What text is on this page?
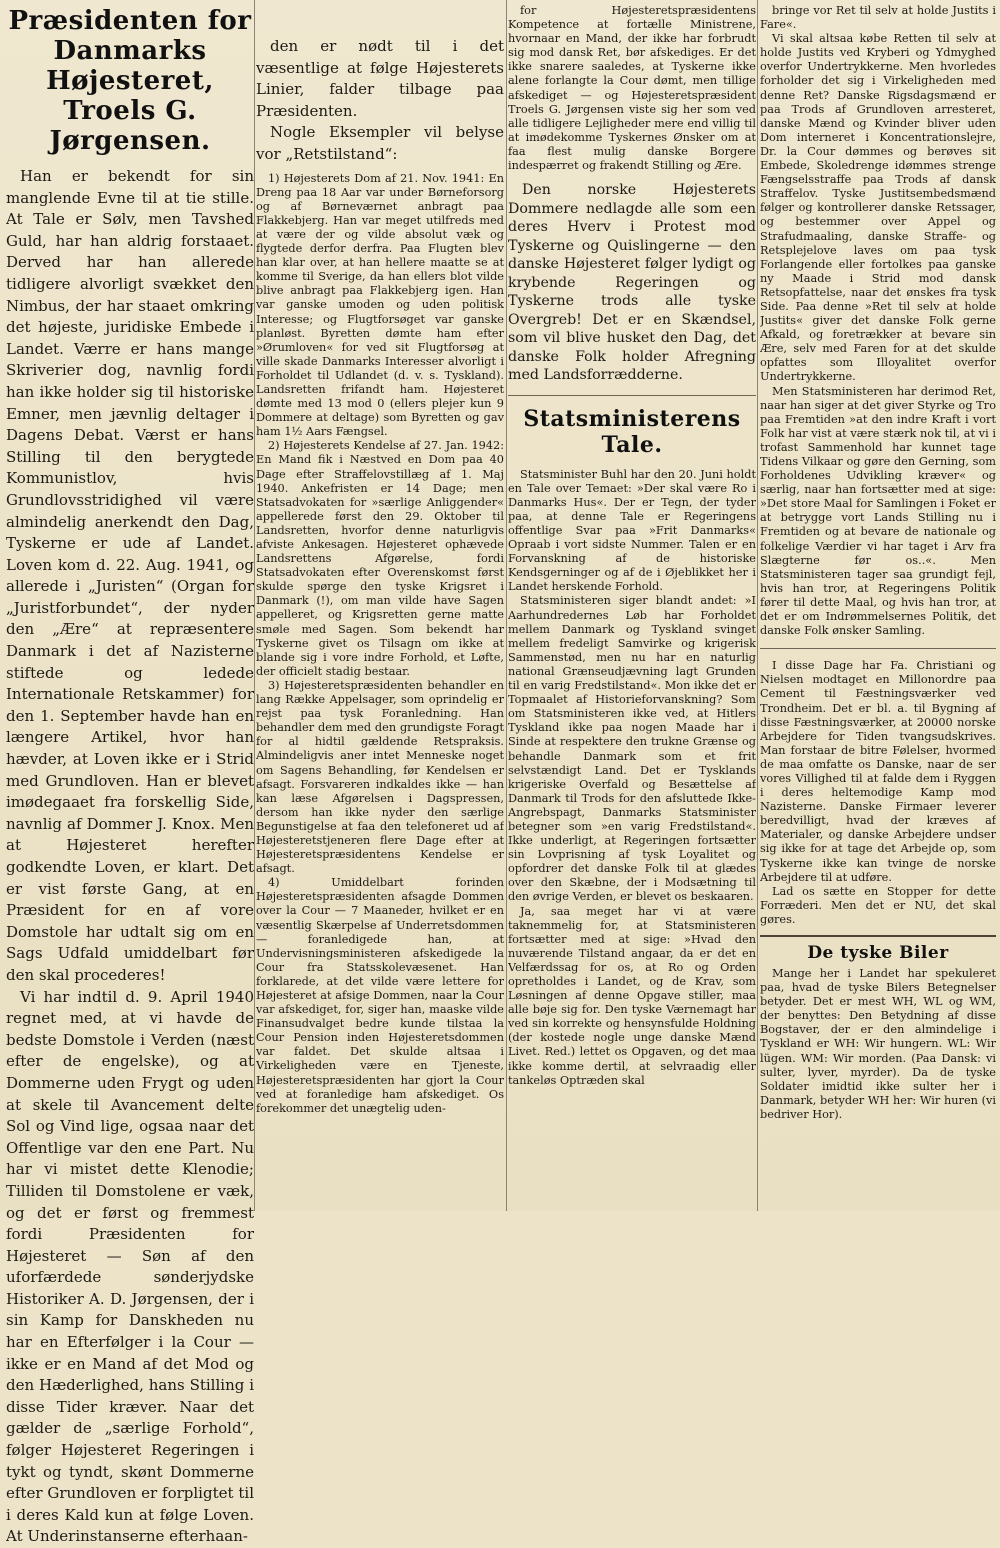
Præsidenten for Danmarks Højesteret, Troels G. Jørgensen.

Han er bekendt for sin manglende Evne til at tie stille. At Tale er Sølv, men Tavshed Guld, har han aldrig forstaaet. Derved har han allerede tidligere alvorligt svækket den Nimbus, der har staaet omkring det højeste, juridiske Embede i Landet. Værre er hans mange Skriverier dog, navnlig fordi han ikke holder sig til historiske Emner, men jævnlig deltager i Dagens Debat. Værst er hans Stilling til den berygtede Kommunistlov, hvis Grundlovsstridighed vil være almindelig anerkendt den Dag, Tyskerne er ude af Landet. Loven kom d. 22. Aug. 1941, og allerede i „Juristen“ (Organ for „Juristforbundet“, der nyder den „Ære“ at repræsentere Danmark i det af Nazisterne stiftede og ledede Internationale Retskammer) for den 1. September havde han en længere Artikel, hvor han hævder, at Loven ikke er i Strid med Grundloven. Han er blevet imødegaaet fra forskellig Side, navnlig af Dommer J. Knox. Men at Højesteret herefter godkendte Loven, er klart. Det er vist første Gang, at en Præsident for en af vore Domstole har udtalt sig om en Sags Udfald umiddelbart før den skal procederes!

Vi har indtil d. 9. April 1940 regnet med, at vi havde de bedste Domstole i Verden (næst efter de engelske), og at Dommerne uden Frygt og uden at skele til Avancement delte Sol og Vind lige, ogsaa naar det Offentlige var den ene Part. Nu har vi mistet dette Klenodie; Tilliden til Domstolene er væk, og det er først og fremmest fordi Præsidenten for Højesteret — Søn af den uforfærdede sønderjydske Historiker A. D. Jørgensen, der i sin Kamp for Danskheden nu har en Efterfølger i la Cour — ikke er en Mand af det Mod og den Hæderlighed, hans Stilling i disse Tider kræver. Naar det gælder de „særlige Forhold“, følger Højesteret Regeringen i tykt og tyndt, skønt Dommerne efter Grundloven er forpligtet til i deres Kald kun at følge Loven. At Underinstanserne efterhaan-

den er nødt til i det væsentlige at følge Højesterets Linier, falder tilbage paa Præsidenten.

Nogle Eksempler vil belyse vor „Retstilstand“:

1) Højesterets Dom af 21. Nov. 1941: En Dreng paa 18 Aar var under Børneforsorg og af Børneværnet anbragt paa Flakkebjerg. Han var meget utilfreds med at være der og vilde absolut væk og flygtede derfor derfra. Paa Flugten blev han klar over, at han hellere maatte se at komme til Sverige, da han ellers blot vilde blive anbragt paa Flakkebjerg igen. Han var ganske umoden og uden politisk Interesse; og Flugtforsøget var ganske planløst. Byretten dømte ham efter »Ørumloven« for ved sit Flugtforsøg at ville skade Danmarks Interesser alvorligt i Forholdet til Udlandet (d. v. s. Tyskland). Landsretten frifandt ham. Højesteret dømte med 13 mod 0 (ellers plejer kun 9 Dommere at deltage) som Byretten og gav ham 1½ Aars Fængsel.

2) Højesterets Kendelse af 27. Jan. 1942: En Mand fik i Næstved en Dom paa 40 Dage efter Straffelovstillæg af 1. Maj 1940. Ankefristen er 14 Dage; men Statsadvokaten for »særlige Anliggender« appellerede først den 29. Oktober til Landsretten, hvorfor denne naturligvis afviste Ankesagen. Højesteret ophævede Landsrettens Afgørelse, fordi Statsadvokaten efter Overenskomst først skulde spørge den tyske Krigsret i Danmark (!), om man vilde have Sagen appelleret, og Krigsretten gerne matte smøle med Sagen. Som bekendt har Tyskerne givet os Tilsagn om ikke at blande sig i vore indre Forhold, et Løfte, der officielt stadig bestaar.

3) Højesteretspræsidenten behandler en lang Række Appelsager, som oprindelig er rejst paa tysk Foranledning. Han behandler dem med den grundigste Foragt for al hidtil gældende Retspraksis. Almindeligvis aner intet Menneske noget om Sagens Behandling, før Kendelsen er afsagt. Forsvareren indkaldes ikke — han kan læse Afgørelsen i Dagspressen, dersom han ikke nyder den særlige Begunstigelse at faa den telefoneret ud af Højesteretstjeneren flere Dage efter at Højesteretspræsidentens Kendelse er afsagt.

4) Umiddelbart forinden Højesteretspræsidenten afsagde Dommen over la Cour — 7 Maaneder, hvilket er en væsentlig Skærpelse af Underretsdommen — foranledigede han, at Undervisningsministeren afskedigede la Cour fra Statsskolevæsenet. Han forklarede, at det vilde være lettere for Højesteret at afsige Dommen, naar la Cour var afskediget, for, siger han, maaske vilde Finansudvalget bedre kunde tilstaa la Cour Pension inden Højesteretsdommen var faldet. Det skulde altsaa i Virkeligheden være en Tjeneste, Højesteretspræsidenten har gjort la Cour ved at foranledige ham afskediget. Os forekommer det unægtelig uden-

for Højesteretspræsidentens Kompetence at fortælle Ministrene, hvornaar en Mand, der ikke har forbrudt sig mod dansk Ret, bør afskediges. Er det ikke snarere saaledes, at Tyskerne ikke alene forlangte la Cour dømt, men tillige afskediget — og Højesteretspræsident Troels G. Jørgensen viste sig her som ved alle tidligere Lejligheder mere end villig til at imødekomme Tyskernes Ønsker om at faa flest mulig danske Borgere indespærret og frakendt Stilling og Ære.

Den norske Højesterets Dommere nedlagde alle som een deres Hverv i Protest mod Tyskerne og Quislingerne — den danske Højesteret følger lydigt og krybende Regeringen og Tyskerne trods alle tyske Overgreb! Det er en Skændsel, som vil blive husket den Dag, det danske Folk holder Afregning med Landsforrædderne.

Statsministerens Tale.

Statsminister Buhl har den 20. Juni holdt en Tale over Temaet: »Der skal være Ro i Danmarks Hus«. Der er Tegn, der tyder paa, at denne Tale er Regeringens offentlige Svar paa »Frit Danmarks« Opraab i vort sidste Nummer. Talen er en Forvanskning af de historiske Kendsgerninger og af de i Øjeblikket her i Landet herskende Forhold.

Statsministeren siger blandt andet: »I Aarhundredernes Løb har Forholdet mellem Danmark og Tyskland svinget mellem fredeligt Samvirke og krigerisk Sammenstød, men nu har en naturlig national Grænseudjævning lagt Grunden til en varig Fredstilstand«. Mon ikke det er Topmaalet af Historieforvanskning? Som om Statsministeren ikke ved, at Hitlers Tyskland ikke paa nogen Maade har i Sinde at respektere den trukne Grænse og behandle Danmark som et frit selvstændigt Land. Det er Tysklands krigeriske Overfald og Besættelse af Danmark til Trods for den afsluttede Ikke-Angrebspagt, Danmarks Statsminister betegner som »en varig Fredstilstand«. Ikke underligt, at Regeringen fortsætter sin Lovprisning af tysk Loyalitet og opfordrer det danske Folk til at glædes over den Skæbne, der i Modsætning til den øvrige Verden, er blevet os beskaaren.

Ja, saa meget har vi at være taknemmelig for, at Statsministeren fortsætter med at sige: »Hvad den nuværende Tilstand angaar, da er det en Velfærdssag for os, at Ro og Orden opretholdes i Landet, og de Krav, som Løsningen af denne Opgave stiller, maa alle bøje sig for. Den tyske Værnemagt har ved sin korrekte og hensynsfulde Holdning (der kostede nogle unge danske Mænd Livet. Red.) lettet os Opgaven, og det maa ikke komme dertil, at selvraadig eller tankeløs Optræden skal

bringe vor Ret til selv at holde Justits i Fare«.

Vi skal altsaa købe Retten til selv at holde Justits ved Kryberi og Ydmyghed overfor Undertrykkerne. Men hvorledes forholder det sig i Virkeligheden med denne Ret? Danske Rigsdagsmænd er paa Trods af Grundloven arresteret, danske Mænd og Kvinder bliver uden Dom interneret i Koncentrationslejre, Dr. la Cour dømmes og berøves sit Embede, Skoledrenge idømmes strenge Fængselsstraffe paa Trods af dansk Straffelov. Tyske Justitsembedsmænd følger og kontrollerer danske Retssager, og bestemmer over Appel og Strafudmaaling, danske Straffe- og Retsplejelove laves om paa tysk Forlangende eller fortolkes paa ganske ny Maade i Strid mod dansk Retsopfattelse, naar det ønskes fra tysk Side. Paa denne »Ret til selv at holde Justits« giver det danske Folk gerne Afkald, og foretrækker at bevare sin Ære, selv med Faren for at det skulde opfattes som Illoyalitet overfor Undertrykkerne.

Men Statsministeren har derimod Ret, naar han siger at det giver Styrke og Tro paa Fremtiden »at den indre Kraft i vort Folk har vist at være stærk nok til, at vi i trofast Sammenhold har kunnet tage Tidens Vilkaar og gøre den Gerning, som Forholdenes Udvikling kræver« og særlig, naar han fortsætter med at sige: »Det store Maal for Samlingen i Foket er at betrygge vort Lands Stilling nu i Fremtiden og at bevare de nationale og folkelige Værdier vi har taget i Arv fra Slægterne før os..«. Men Statsministeren tager saa grundigt fejl, hvis han tror, at Regeringens Politik fører til dette Maal, og hvis han tror, at det er om Indrømmelsernes Politik, det danske Folk ønsker Samling.

I disse Dage har Fa. Christiani og Nielsen modtaget en Millonordre paa Cement til Fæstningsværker ved Trondheim. Det er bl. a. til Bygning af disse Fæstningsværker, at 20000 norske Arbejdere for Tiden tvangsudskrives. Man forstaar de bitre Følelser, hvormed de maa omfatte os Danske, naar de ser vores Villighed til at falde dem i Ryggen i deres heltemodige Kamp mod Nazisterne. Danske Firmaer leverer beredvilligt, hvad der kræves af Materialer, og danske Arbejdere undser sig ikke for at tage det Arbejde op, som Tyskerne ikke kan tvinge de norske Arbejdere til at udføre.

Lad os sætte en Stopper for dette Forræderi. Men det er NU, det skal gøres.

De tyske Biler

Mange her i Landet har spekuleret paa, hvad de tyske Bilers Betegnelser betyder. Det er mest WH, WL og WM, der benyttes: Den Betydning af disse Bogstaver, der er den almindelige i Tyskland er WH: Wir hungern. WL: Wir lügen. WM: Wir morden. (Paa Dansk: vi sulter, lyver, myrder). Da de tyske Soldater imidtid ikke sulter her i Danmark, betyder WH her: Wir huren (vi bedriver Hor).
